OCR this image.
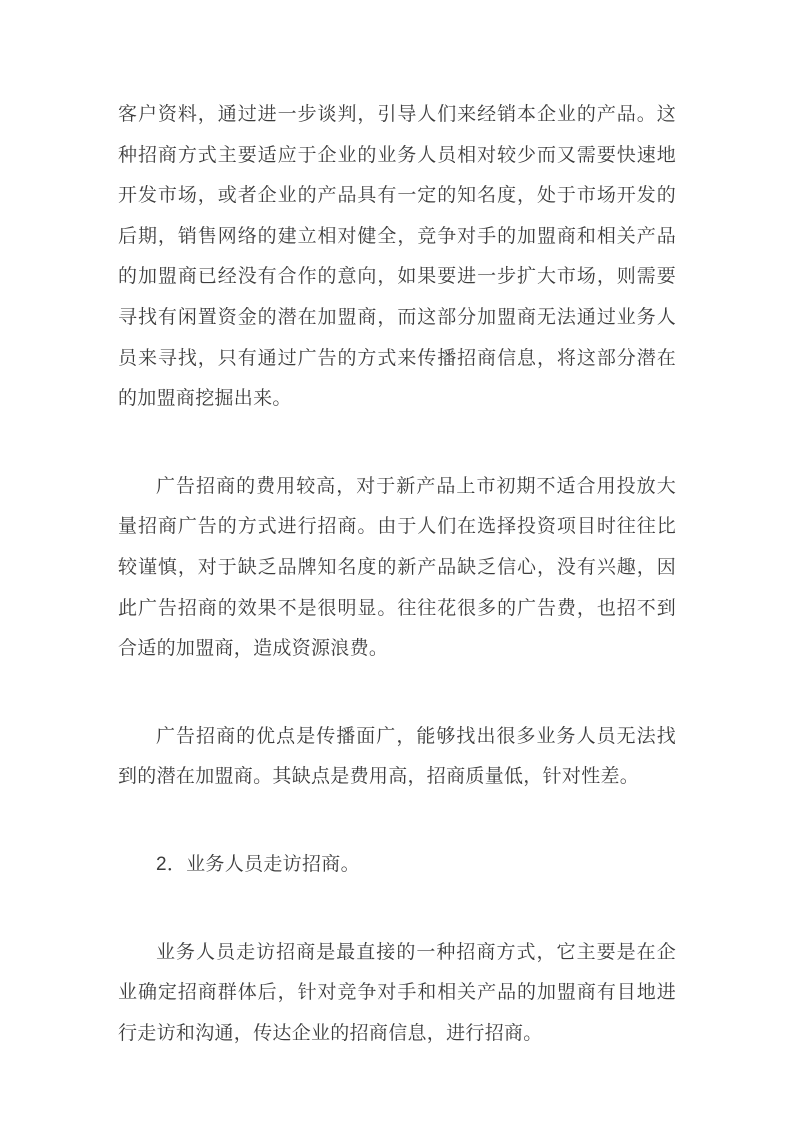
客户资料，通过进一步谈判，引导人们来经销本企业的产品。这种招商方式主要适应于企业的业务人员相对较少而又需要快速地开发市场，或者企业的产品具有一定的知名度，处于市场开发的后期，销售网络的建立相对健全，竞争对手的加盟商和相关产品的加盟商已经没有合作的意向，如果要进一步扩大市场，则需要寻找有闲置资金的潜在加盟商，而这部分加盟商无法通过业务人员来寻找，只有通过广告的方式来传播招商信息，将这部分潜在的加盟商挖掘出来。

广告招商的费用较高，对于新产品上市初期不适合用投放大量招商广告的方式进行招商。由于人们在选择投资项目时往往比较谨慎，对于缺乏品牌知名度的新产品缺乏信心，没有兴趣，因此广告招商的效果不是很明显。往往花很多的广告费，也招不到合适的加盟商，造成资源浪费。

广告招商的优点是传播面广，能够找出很多业务人员无法找到的潜在加盟商。其缺点是费用高，招商质量低，针对性差。

2．业务人员走访招商。

业务人员走访招商是最直接的一种招商方式，它主要是在企业确定招商群体后，针对竞争对手和相关产品的加盟商有目地进行走访和沟通，传达企业的招商信息，进行招商。
